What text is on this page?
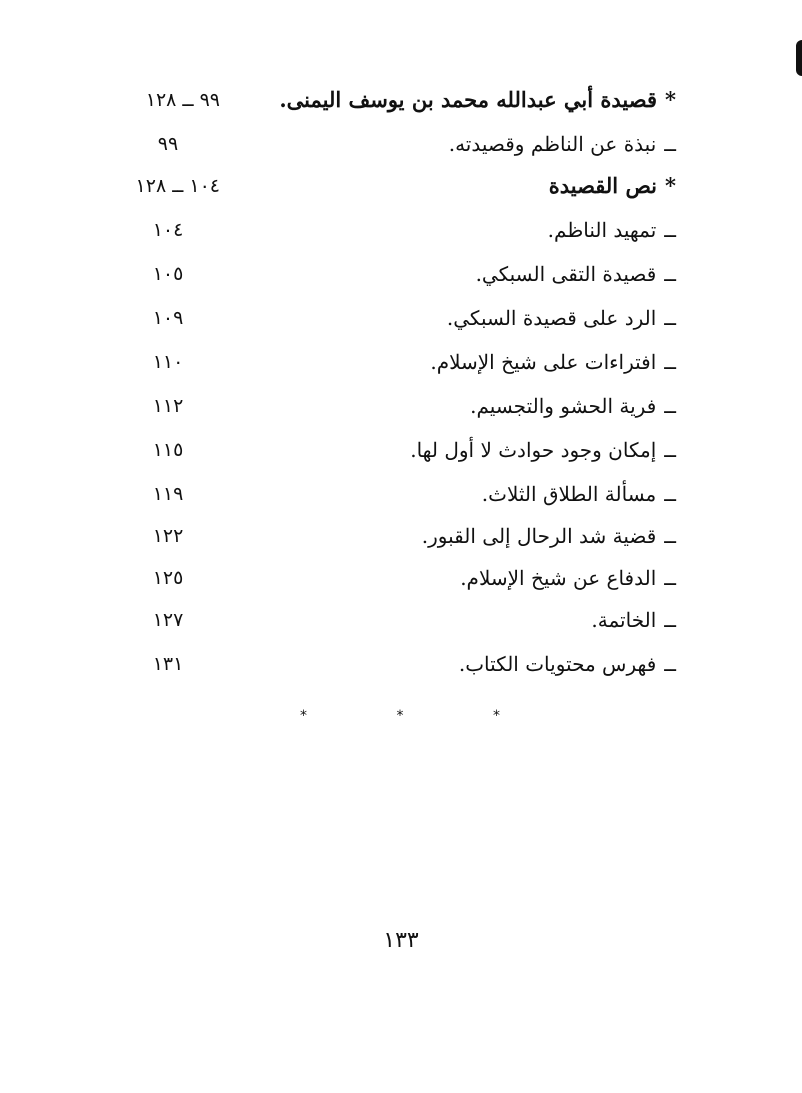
*قصيدة أبي عبدالله محمد بن يوسف اليمنى.
٩٩ ــ ١٢٨
ــنبذة عن الناظم وقصيدته.
٩٩
*نص القصيدة
١٠٤ ــ ١٢٨
ــتمهيد الناظم.
١٠٤
ــقصيدة التقى السبكي.
١٠٥
ــالرد على قصيدة السبكي.
١٠٩
ــافتراءات على شيخ الإسلام.
١١٠
ــفرية الحشو والتجسيم.
١١٢
ــإمكان وجود حوادث لا أول لها.
١١٥
ــمسألة الطلاق الثلاث.
١١٩
ــقضية شد الرحال إلى القبور.
١٢٢
ــالدفاع عن شيخ الإسلام.
١٢٥
ــالخاتمة.
١٢٧
ــفهرس محتويات الكتاب.
١٣١
*	*	*
١٣٣
